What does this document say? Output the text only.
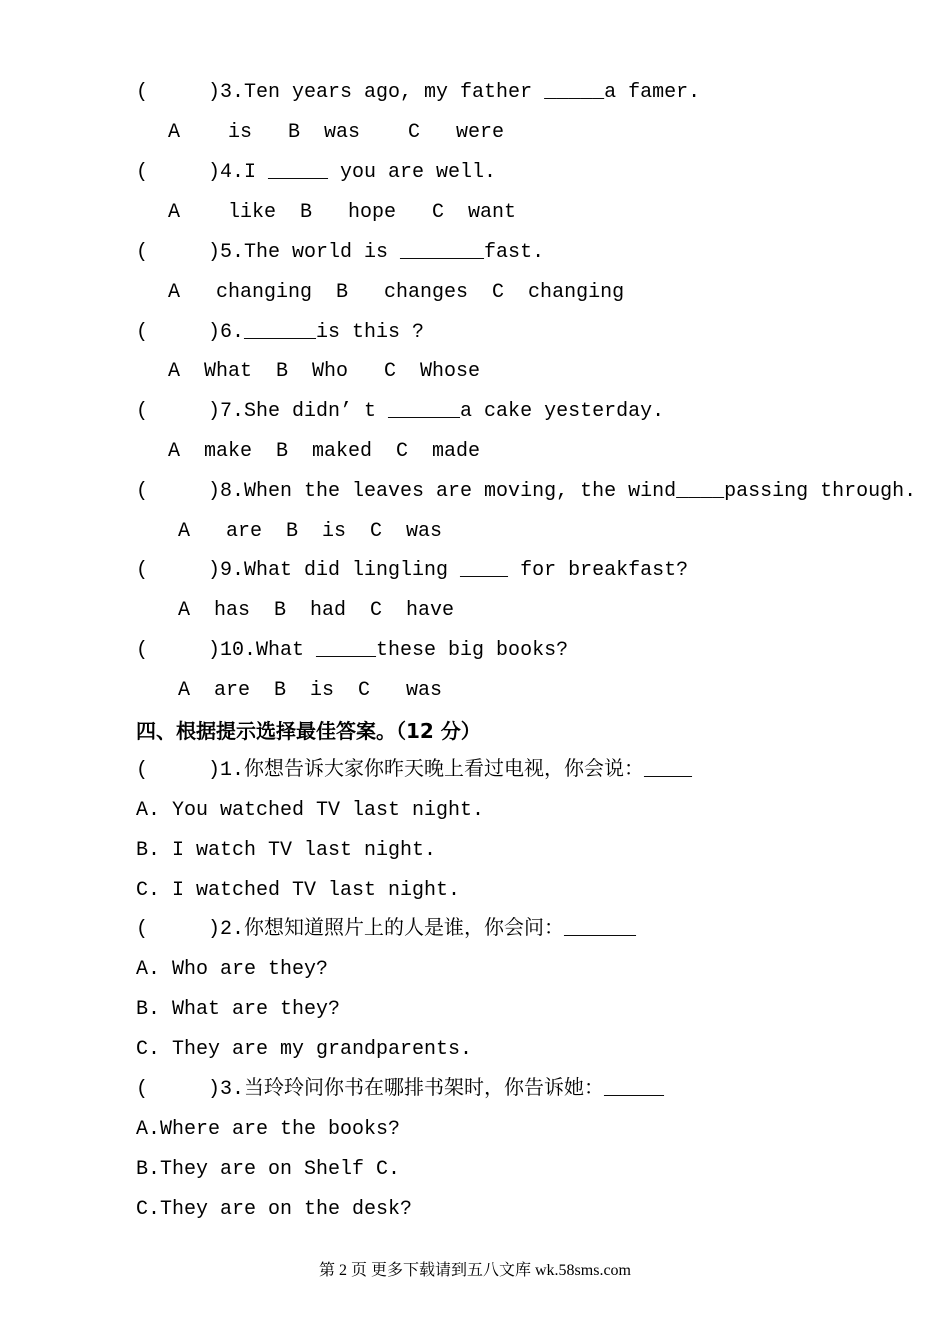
(     )3.Ten years ago, my father _____a famer.
A    is   B  was    C   were
(     )4.I _____ you are well.
A    like  B   hope   C  want
(     )5.The world is _______fast.
A   changing  B   changes  C  changing
(     )6.______is this ?
A  What  B  Who   C  Whose
(     )7.She didn’ t ______a cake yesterday.
A  make  B  maked  C  made
(     )8.When the leaves are moving, the wind____passing through.
A   are  B  is  C  was
(     )9.What did lingling ____ for breakfast?
A  has  B  had  C  have
(     )10.What _____these big books?
A  are  B  is  C   was
四、根据提示选择最佳答案。（12 分）
(     )1.你想告诉大家你昨天晚上看过电视，你会说：____
A. You watched TV last night.
B. I watch TV last night.
C. I watched TV last night.
(     )2.你想知道照片上的人是谁，你会问：______
A. Who are they?
B. What are they?
C. They are my grandparents.
(     )3.当玲玲问你书在哪排书架时，你告诉她：_____
A.Where are the books?
B.They are on Shelf C.
C.They are on the desk?
第 2 页 更多下载请到五八文库 wk.58sms.com
